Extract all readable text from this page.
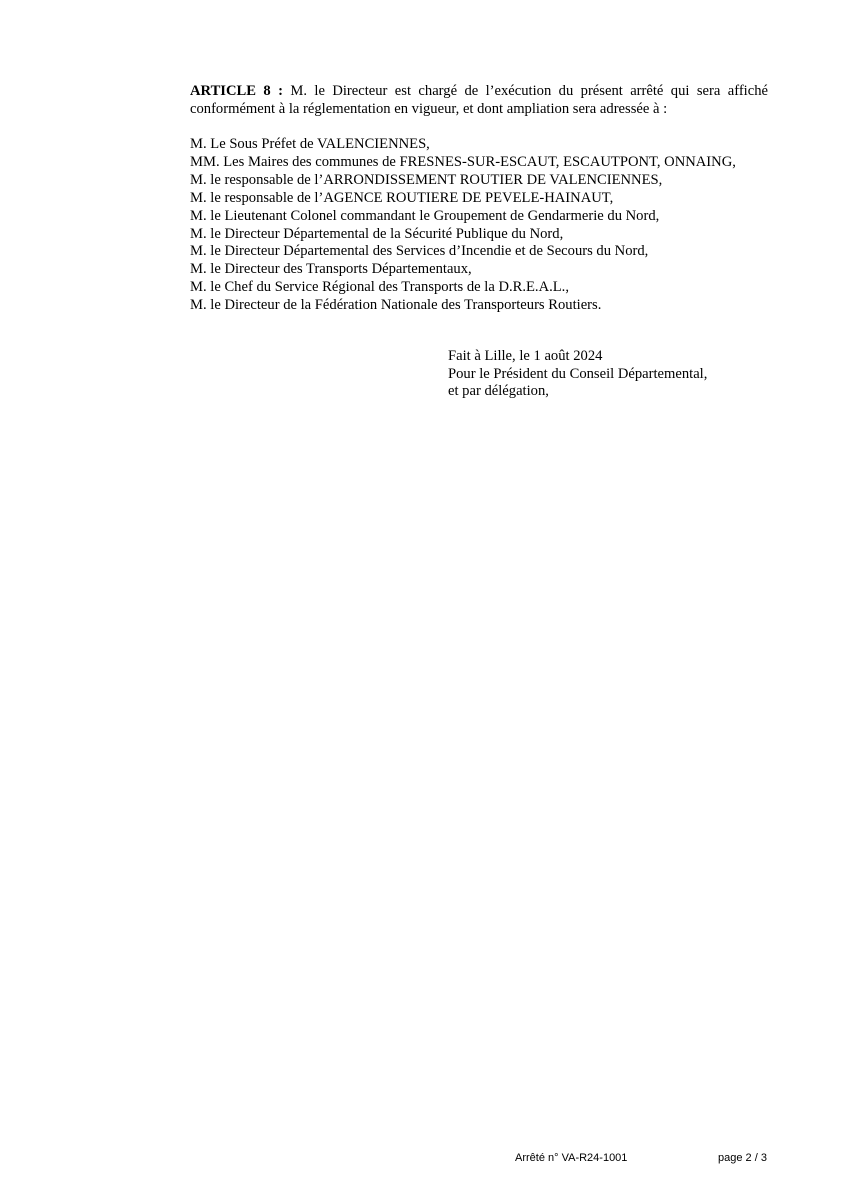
ARTICLE 8 : M. le Directeur est chargé de l’exécution du présent arrêté qui sera affiché conformément à la réglementation en vigueur, et dont ampliation sera adressée à :

M. Le Sous Préfet de VALENCIENNES,
MM. Les Maires des communes de FRESNES-SUR-ESCAUT, ESCAUTPONT, ONNAING,
M. le responsable de l’ARRONDISSEMENT ROUTIER DE VALENCIENNES,
M. le responsable de l’AGENCE ROUTIERE DE PEVELE-HAINAUT,
M. le Lieutenant Colonel commandant le Groupement de Gendarmerie du Nord,
M. le Directeur Départemental de la Sécurité Publique du Nord,
M. le Directeur Départemental des Services d’Incendie et de Secours du Nord,
M. le Directeur des Transports Départementaux,
M. le Chef du Service Régional des Transports de la D.R.E.A.L.,
M. le Directeur de la Fédération Nationale des Transporteurs Routiers.
Fait à Lille, le 1 août 2024
Pour le Président du Conseil Départemental,
et par délégation,
Arrêté n° VA-R24-1001	page 2 / 3
